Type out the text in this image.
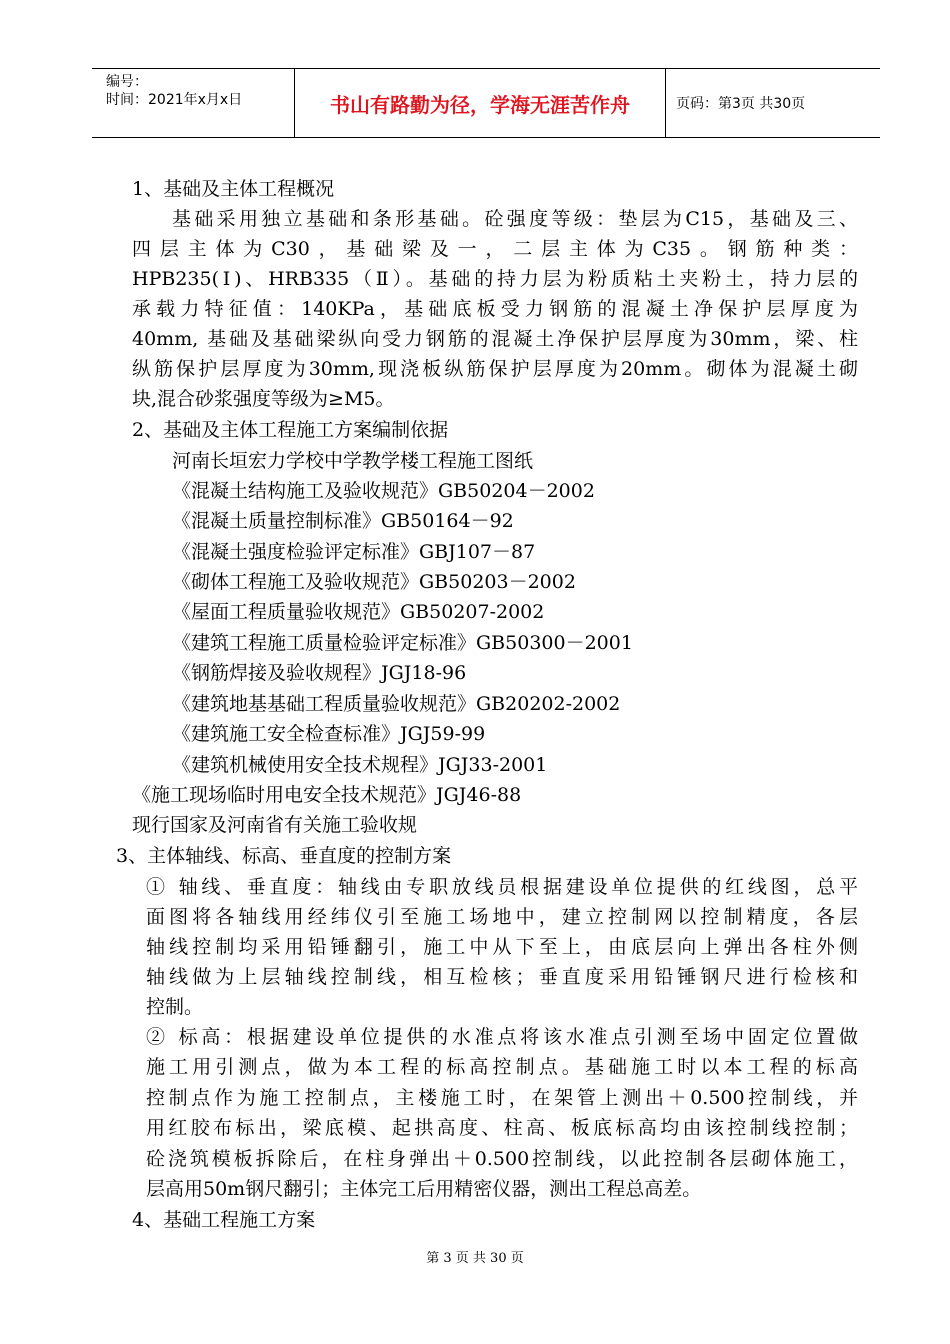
编号：
时间：2021年x月x日	书山有路勤为径，学海无涯苦作舟	页码：第3页 共30页
1、基础及主体工程概况
基础采用独立基础和条形基础。砼强度等级：垫层为C15，基础及三、
四层主体为C30，基础梁及一，二层主体为C35。钢筋种类：
HPB235(Ⅰ)、HRB335（Ⅱ）。基础的持力层为粉质粘土夹粉土，持力层的
承载力特征值：140KPa，基础底板受力钢筋的混凝土净保护层厚度为
40mm, 基础及基础梁纵向受力钢筋的混凝土净保护层厚度为30mm，梁、柱
纵筋保护层厚度为30mm,现浇板纵筋保护层厚度为20mm。砌体为混凝土砌
块,混合砂浆强度等级为≥M5。
2、基础及主体工程施工方案编制依据
河南长垣宏力学校中学教学楼工程施工图纸
《混凝土结构施工及验收规范》GB50204－2002
《混凝土质量控制标准》GB50164－92
《混凝土强度检验评定标准》GBJ107－87
《砌体工程施工及验收规范》GB50203－2002
《屋面工程质量验收规范》GB50207-2002
《建筑工程施工质量检验评定标准》GB50300－2001
《钢筋焊接及验收规程》JGJ18-96
《建筑地基基础工程质量验收规范》GB20202-2002
《建筑施工安全检查标准》JGJ59-99
《建筑机械使用安全技术规程》JGJ33-2001
《施工现场临时用电安全技术规范》JGJ46-88
现行国家及河南省有关施工验收规
3、主体轴线、标高、垂直度的控制方案
① 轴线、垂直度：轴线由专职放线员根据建设单位提供的红线图，总平
面图将各轴线用经纬仪引至施工场地中，建立控制网以控制精度，各层
轴线控制均采用铅锤翻引，施工中从下至上，由底层向上弹出各柱外侧
轴线做为上层轴线控制线，相互检核；垂直度采用铅锤钢尺进行检核和
控制。
② 标高：根据建设单位提供的水准点将该水准点引测至场中固定位置做
施工用引测点，做为本工程的标高控制点。基础施工时以本工程的标高
控制点作为施工控制点，主楼施工时，在架管上测出＋0.500控制线，并
用红胶布标出，梁底模、起拱高度、柱高、板底标高均由该控制线控制；
砼浇筑模板拆除后，在柱身弹出＋0.500控制线，以此控制各层砌体施工，
层高用50m钢尺翻引；主体完工后用精密仪器，测出工程总高差。
4、基础工程施工方案
第 3 页 共 30 页
